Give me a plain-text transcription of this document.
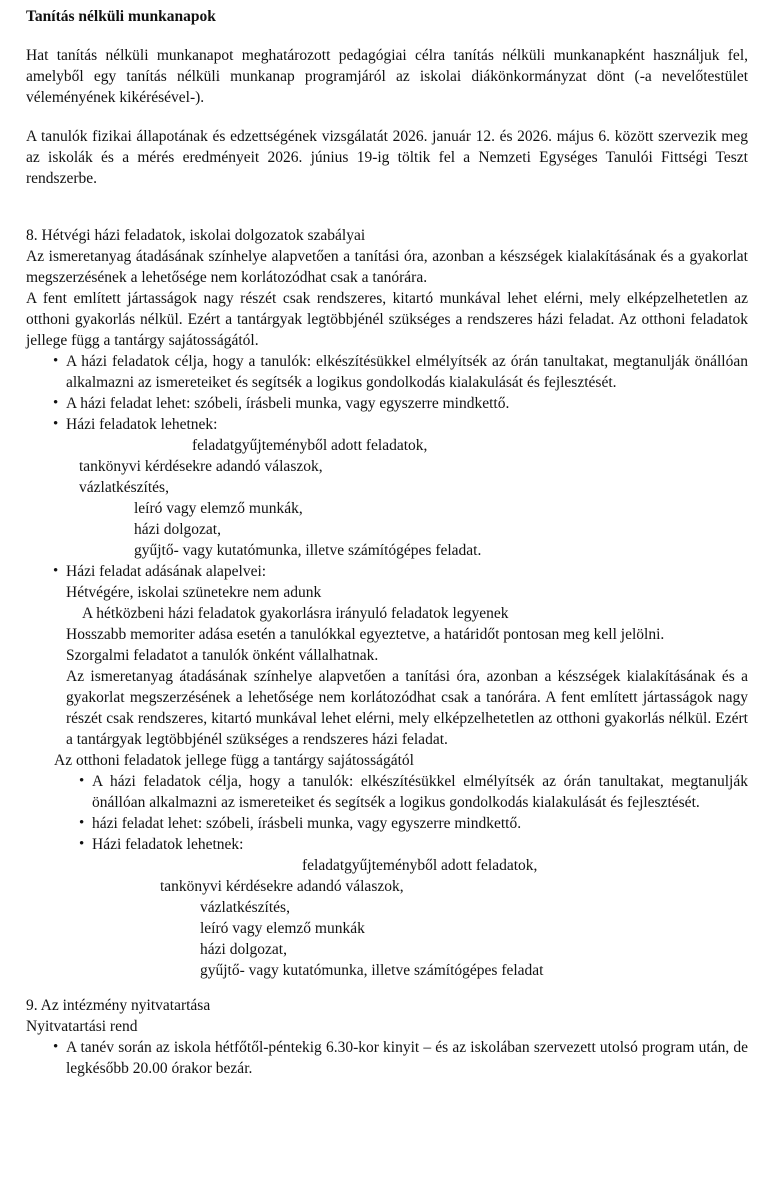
Tanítás nélküli munkanapok

Hat tanítás nélküli munkanapot meghatározott pedagógiai célra tanítás nélküli munkanapként használjuk fel, amelyből egy tanítás nélküli munkanap programjáról az iskolai diákönkormányzat dönt (-a nevelőtestület véleményének kikérésével-).

A tanulók fizikai állapotának és edzettségének vizsgálatát 2026. január 12. és 2026. május 6. között szervezik meg az iskolák és a mérés eredményeit 2026. június 19-ig töltik fel a Nemzeti Egységes Tanulói Fittségi Teszt rendszerbe.

8. Hétvégi házi feladatok, iskolai dolgozatok szabályai

Az ismeretanyag átadásának színhelye alapvetően a tanítási óra, azonban a készségek kialakításának és a gyakorlat megszerzésének a lehetősége nem korlátozódhat csak a tanórára.

A fent említett jártasságok nagy részét csak rendszeres, kitartó munkával lehet elérni, mely elképzelhetetlen az otthoni gyakorlás nélkül. Ezért a tantárgyak legtöbbjénél szükséges a rendszeres házi feladat. Az otthoni feladatok jellege függ a tantárgy sajátosságától.

• A házi feladatok célja, hogy a tanulók: elkészítésükkel elmélyítsék az órán tanultakat, megtanulják önállóan alkalmazni az ismereteiket és segítsék a logikus gondolkodás kialakulását és fejlesztését.
• A házi feladat lehet: szóbeli, írásbeli munka, vagy egyszerre mindkettő.
• Házi feladatok lehetnek:
feladatgyűjteményből adott feladatok,
tankönyvi kérdésekre adandó válaszok,
vázlatkészítés,
leíró vagy elemző munkák,
házi dolgozat,
gyűjtő- vagy kutatómunka, illetve számítógépes feladat.
• Házi feladat adásának alapelvei:
Hétvégére, iskolai szünetekre nem adunk
A hétközbeni házi feladatok gyakorlásra irányuló feladatok legyenek
Hosszabb memoriter adása esetén a tanulókkal egyeztetve, a határidőt pontosan meg kell jelölni.
Szorgalmi feladatot a tanulók önként vállalhatnak.
Az ismeretanyag átadásának színhelye alapvetően a tanítási óra, azonban a készségek kialakításának és a gyakorlat megszerzésének a lehetősége nem korlátozódhat csak a tanórára. A fent említett jártasságok nagy részét csak rendszeres, kitartó munkával lehet elérni, mely elképzelhetetlen az otthoni gyakorlás nélkül. Ezért a tantárgyak legtöbbjénél szükséges a rendszeres házi feladat.

Az otthoni feladatok jellege függ a tantárgy sajátosságától

• A házi feladatok célja, hogy a tanulók: elkészítésükkel elmélyítsék az órán tanultakat, megtanulják önállóan alkalmazni az ismereteiket és segítsék a logikus gondolkodás kialakulását és fejlesztését.
• házi feladat lehet: szóbeli, írásbeli munka, vagy egyszerre mindkettő.
• Házi feladatok lehetnek:
feladatgyűjteményből adott feladatok,
tankönyvi kérdésekre adandó válaszok,
vázlatkészítés,
leíró vagy elemző munkák
házi dolgozat,
gyűjtő- vagy kutatómunka, illetve számítógépes feladat

9. Az intézmény nyitvatartása

Nyitvatartási rend

• A tanév során az iskola hétfőtől-péntekig 6.30-kor kinyit – és az iskolában szervezett utolsó program után, de legkésőbb 20.00 órakor bezár.
